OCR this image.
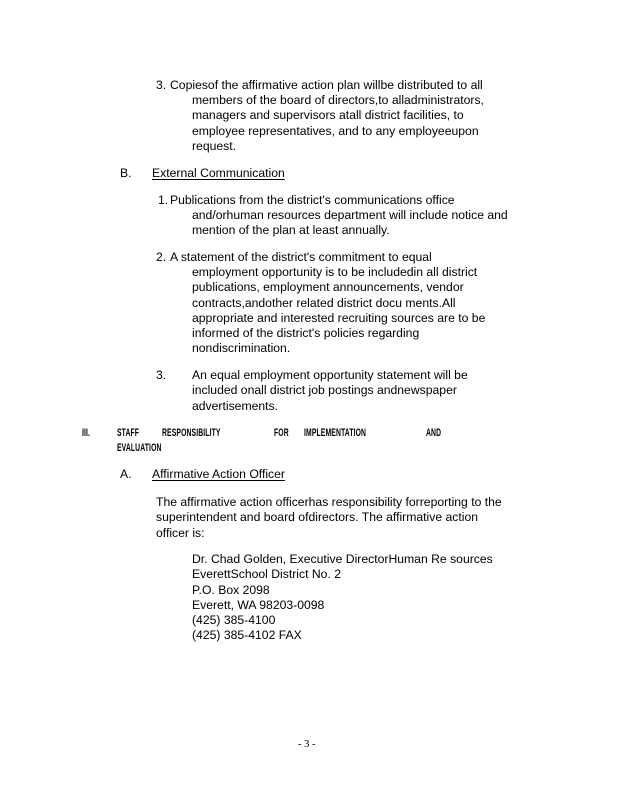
3. Copiesof the affirmative action plan willbe distributed to all

members of the board of directors,to alladministrators,

managers and supervisors atall district facilities, to

employee representatives, and to any employeeupon

request.

B. External Communication
1. Publications from the district's communications office

and/orhuman resources department will include notice and

mention of the plan at least annually.

2. A statement of the district's commitment to equal

employment opportunity is to be includedin all district

publications, employment announcements, vendor

contracts,andother related district docu ments.All

appropriate and interested recruiting sources are to be

informed of the district's policies regarding

nondiscrimination.

3. An equal employment opportunity statement will be

included onall district job postings andnewspaper

advertisements.

III. STAFF RESPONSIBILITY	FOR IMPLEMENTATION	AND
EVALUATION
A. Affirmative Action Officer

The affirmative action officerhas responsibility forreporting to the

superintendent and board ofdirectors. The affirmative action

officer is:

Dr. Chad Golden, Executive DirectorHuman Re sources

EverettSchool District No. 2

P.O. Box 2098

Everett, WA 98203-0098

(425) 385-4100

(425) 385-4102 FAX

- 3 -
